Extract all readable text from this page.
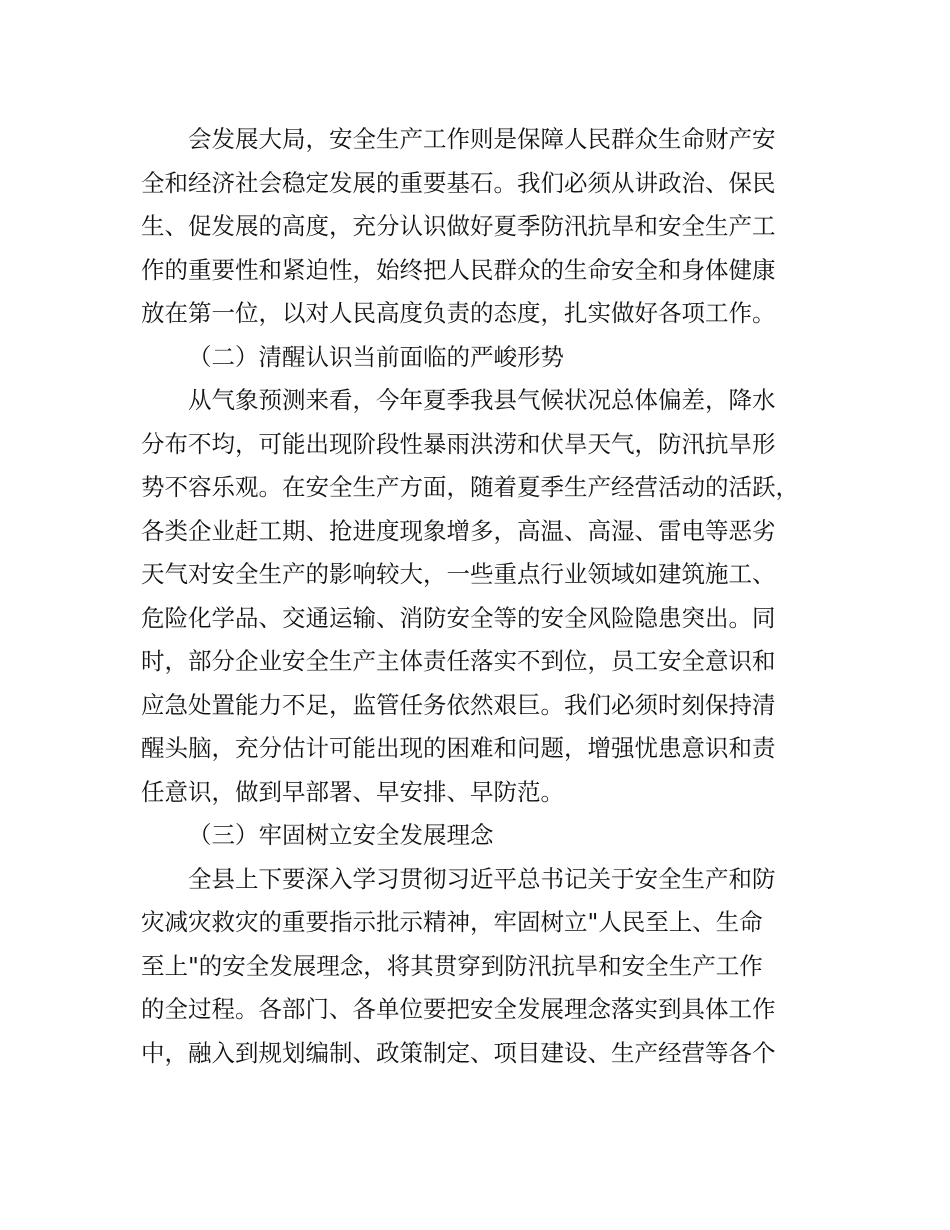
会发展大局，安全生产工作则是保障人民群众生命财产安
全和经济社会稳定发展的重要基石。我们必须从讲政治、保民
生、促发展的高度，充分认识做好夏季防汛抗旱和安全生产工
作的重要性和紧迫性，始终把人民群众的生命安全和身体健康
放在第一位，以对人民高度负责的态度，扎实做好各项工作。
（二）清醒认识当前面临的严峻形势
从气象预测来看，今年夏季我县气候状况总体偏差，降水
分布不均，可能出现阶段性暴雨洪涝和伏旱天气，防汛抗旱形
势不容乐观。在安全生产方面，随着夏季生产经营活动的活跃，
各类企业赶工期、抢进度现象增多，高温、高湿、雷电等恶劣
天气对安全生产的影响较大，一些重点行业领域如建筑施工、
危险化学品、交通运输、消防安全等的安全风险隐患突出。同
时，部分企业安全生产主体责任落实不到位，员工安全意识和
应急处置能力不足，监管任务依然艰巨。我们必须时刻保持清
醒头脑，充分估计可能出现的困难和问题，增强忧患意识和责
任意识，做到早部署、早安排、早防范。
（三）牢固树立安全发展理念
全县上下要深入学习贯彻习近平总书记关于安全生产和防
灾减灾救灾的重要指示批示精神，牢固树立"人民至上、生命
至上"的安全发展理念，将其贯穿到防汛抗旱和安全生产工作
的全过程。各部门、各单位要把安全发展理念落实到具体工作
中，融入到规划编制、政策制定、项目建设、生产经营等各个
